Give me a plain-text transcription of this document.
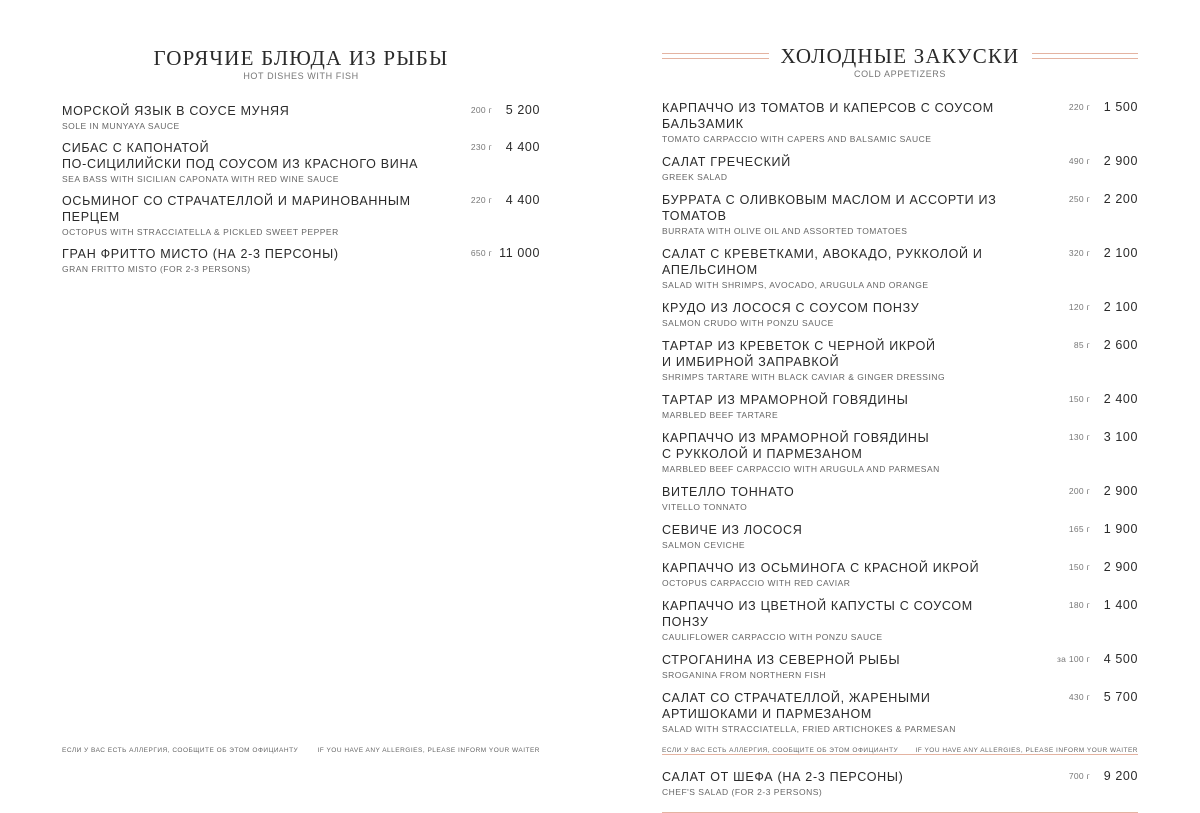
ГОРЯЧИЕ БЛЮДА ИЗ РЫБЫ
HOT DISHES WITH FISH
МОРСКОЙ ЯЗЫК В СОУСЕ МУНЯЯ
SOLE IN MUNYAYA SAUCE
200 г 5 200
СИБАС С КАПОНАТОЙ
ПО-СИЦИЛИЙСКИ ПОД СОУСОМ ИЗ КРАСНОГО ВИНА
SEA BASS WITH SICILIAN CAPONATA WITH RED WINE SAUCE
230 г 4 400
ОСЬМИНОГ СО СТРАЧАТЕЛЛОЙ И МАРИНОВАННЫМ ПЕРЦЕМ
OCTOPUS WITH STRACCIATELLA & PICKLED SWEET PEPPER
220 г 4 400
ГРАН ФРИТТО МИСТО (НА 2-3 ПЕРСОНЫ)
GRAN FRITTO MISTO (FOR 2-3 PERSONS)
650 г 11 000
ЕСЛИ У ВАС ЕСТЬ АЛЛЕРГИЯ, СООБЩИТЕ ОБ ЭТОМ ОФИЦИАНТУ	IF YOU HAVE ANY ALLERGIES, PLEASE INFORM YOUR WAITER
ХОЛОДНЫЕ ЗАКУСКИ
COLD APPETIZERS
КАРПАЧЧО ИЗ ТОМАТОВ И КАПЕРСОВ С СОУСОМ БАЛЬЗАМИК
TOMATO CARPACCIO WITH CAPERS AND BALSAMIC SAUCE
220 г 1 500
САЛАТ ГРЕЧЕСКИЙ
GREEK SALAD
490 г 2 900
БУРРАТА С ОЛИВКОВЫМ МАСЛОМ И АССОРТИ ИЗ ТОМАТОВ
BURRATA WITH OLIVE OIL AND ASSORTED TOMATOES
250 г 2 200
САЛАТ С КРЕВЕТКАМИ, АВОКАДО, РУККОЛОЙ И АПЕЛЬСИНОМ
SALAD WITH SHRIMPS, AVOCADO, ARUGULA AND ORANGE
320 г 2 100
КРУДО ИЗ ЛОСОСЯ С СОУСОМ ПОНЗУ
SALMON CRUDO WITH PONZU SAUCE
120 г 2 100
ТАРТАР ИЗ КРЕВЕТОК С ЧЕРНОЙ ИКРОЙ
И ИМБИРНОЙ ЗАПРАВКОЙ
SHRIMPS TARTARE WITH BLACK CAVIAR & GINGER DRESSING
85 г 2 600
ТАРТАР ИЗ МРАМОРНОЙ ГОВЯДИНЫ
MARBLED BEEF TARTARE
150 г 2 400
КАРПАЧЧО ИЗ МРАМОРНОЙ ГОВЯДИНЫ
С РУККОЛОЙ И ПАРМЕЗАНОМ
MARBLED BEEF CARPACCIO WITH ARUGULA AND PARMESAN
130 г 3 100
ВИТЕЛЛО ТОННАТО
VITELLO TONNATO
200 г 2 900
СЕВИЧЕ ИЗ ЛОСОСЯ
SALMON CEVICHE
165 г 1 900
КАРПАЧЧО ИЗ ОСЬМИНОГА С КРАСНОЙ ИКРОЙ
OCTOPUS CARPACCIO WITH RED CAVIAR
150 г 2 900
КАРПАЧЧО ИЗ ЦВЕТНОЙ КАПУСТЫ С СОУСОМ ПОНЗУ
CAULIFLOWER CARPACCIO WITH PONZU SAUCE
180 г 1 400
СТРОГАНИНА ИЗ СЕВЕРНОЙ РЫБЫ
SROGANINA FROM NORTHERN FISH
за 100 г 4 500
САЛАТ СО СТРАЧАТЕЛЛОЙ, ЖАРЕНЫМИ
АРТИШОКАМИ И ПАРМЕЗАНОМ
SALAD WITH STRACCIATELLA, FRIED ARTICHOKES & PARMESAN
430 г 5 700
САЛАТ ОТ ШЕФА (НА 2-3 ПЕРСОНЫ)
CHEF'S SALAD (FOR 2-3 PERSONS)
700 г 9 200
ЕСЛИ У ВАС ЕСТЬ АЛЛЕРГИЯ, СООБЩИТЕ ОБ ЭТОМ ОФИЦИАНТУ	IF YOU HAVE ANY ALLERGIES, PLEASE INFORM YOUR WAITER
